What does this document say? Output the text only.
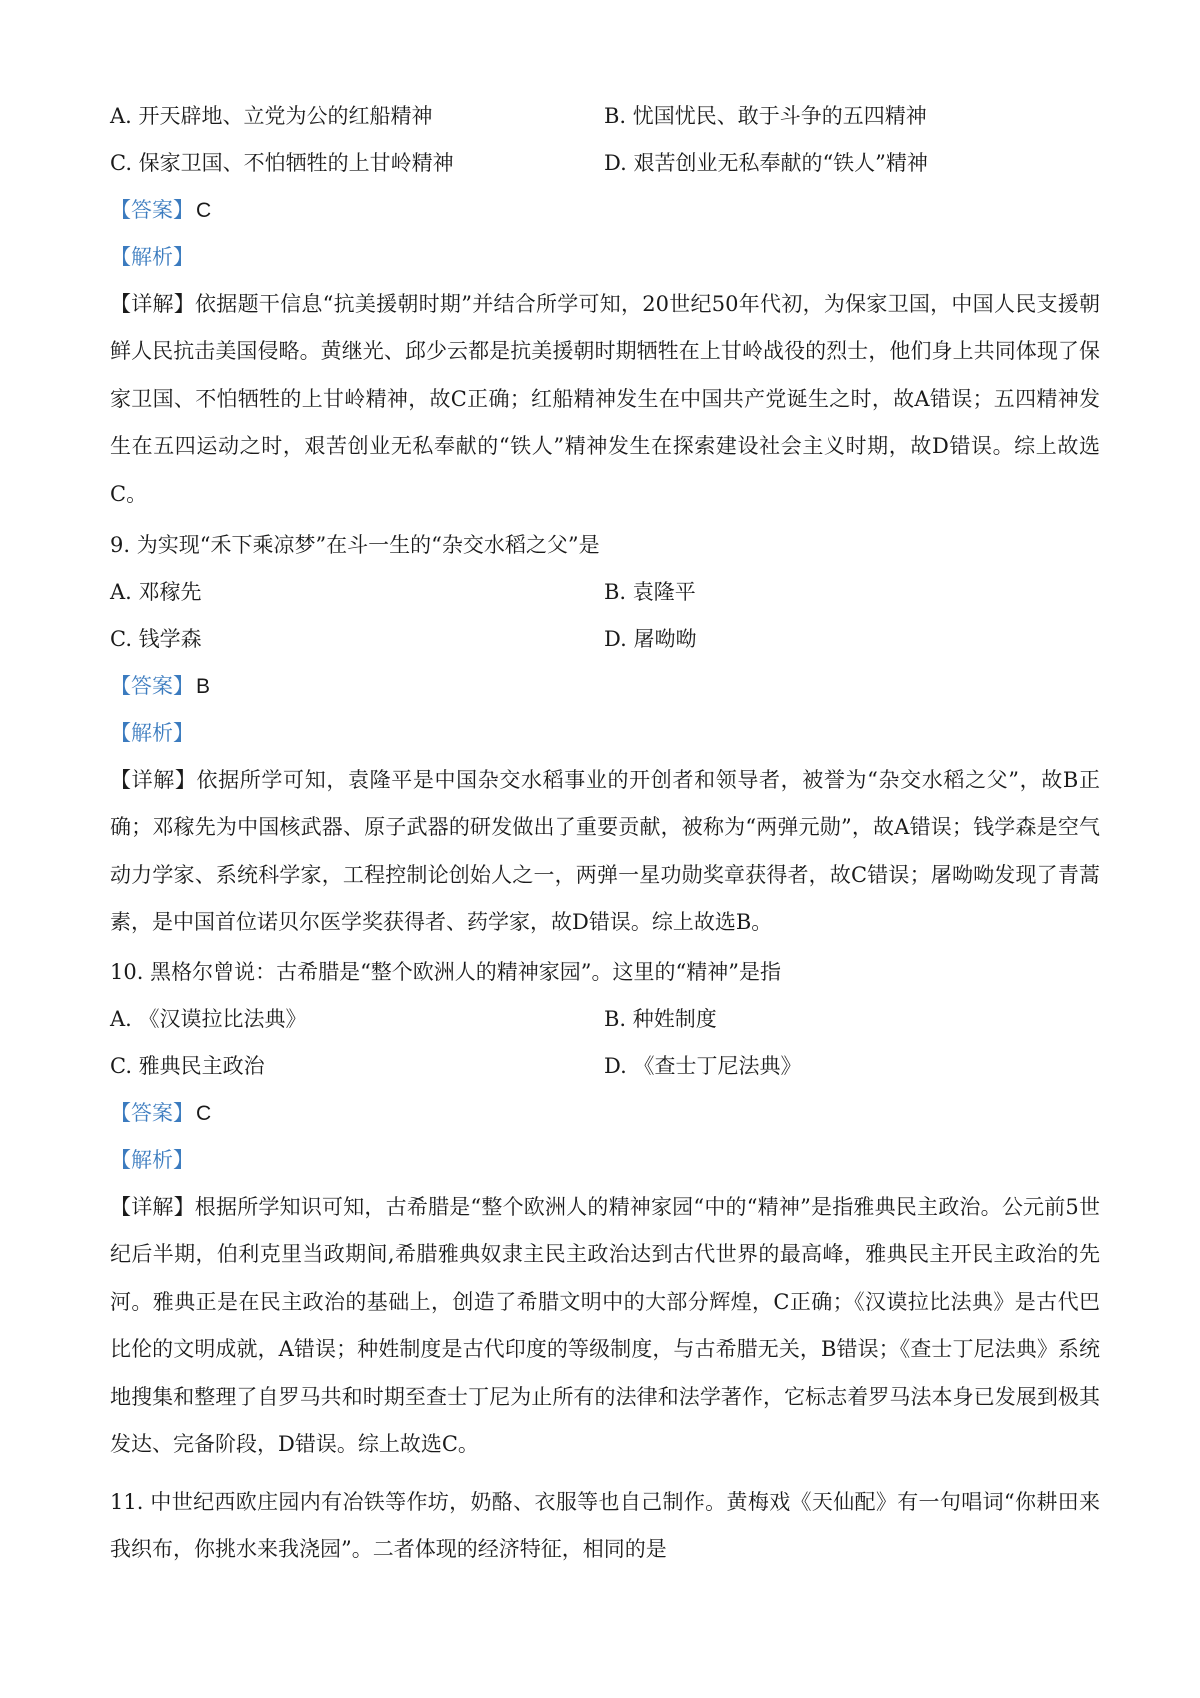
A. 开天辟地、立党为公的红船精神	B. 忧国忧民、敢于斗争的五四精神
C. 保家卫国、不怕牺牲的上甘岭精神	D. 艰苦创业无私奉献的“铁人”精神
【答案】C
【解析】
【详解】依据题干信息“抗美援朝时期”并结合所学可知，20世纪50年代初，为保家卫国，中国人民支援朝鲜人民抗击美国侵略。黄继光、邱少云都是抗美援朝时期牺牲在上甘岭战役的烈士，他们身上共同体现了保家卫国、不怕牺牲的上甘岭精神，故C正确；红船精神发生在中国共产党诞生之时，故A错误；五四精神发生在五四运动之时，艰苦创业无私奉献的“铁人”精神发生在探索建设社会主义时期，故D错误。综上故选C。
9. 为实现“禾下乘凉梦”在斗一生的“杂交水稻之父”是
A. 邓稼先	B. 袁隆平
C. 钱学森	D. 屠呦呦
【答案】B
【解析】
【详解】依据所学可知，袁隆平是中国杂交水稻事业的开创者和领导者，被誉为“杂交水稻之父”，故B正确；邓稼先为中国核武器、原子武器的研发做出了重要贡献，被称为“两弹元勋”，故A错误；钱学森是空气动力学家、系统科学家，工程控制论创始人之一，两弹一星功勋奖章获得者，故C错误；屠呦呦发现了青蒿素，是中国首位诺贝尔医学奖获得者、药学家，故D错误。综上故选B。
10. 黑格尔曾说：古希腊是“整个欧洲人的精神家园”。这里的“精神”是指
A. 《汉谟拉比法典》	B. 种姓制度
C. 雅典民主政治	D. 《查士丁尼法典》
【答案】C
【解析】
【详解】根据所学知识可知，古希腊是“整个欧洲人的精神家园“中的“精神”是指雅典民主政治。公元前5世纪后半期，伯利克里当政期间,希腊雅典奴隶主民主政治达到古代世界的最高峰，雅典民主开民主政治的先河。雅典正是在民主政治的基础上，创造了希腊文明中的大部分辉煌，C正确；《汉谟拉比法典》是古代巴比伦的文明成就，A错误；种姓制度是古代印度的等级制度，与古希腊无关，B错误；《查士丁尼法典》系统地搜集和整理了自罗马共和时期至查士丁尼为止所有的法律和法学著作，它标志着罗马法本身已发展到极其发达、完备阶段，D错误。综上故选C。
11. 中世纪西欧庄园内有冶铁等作坊，奶酪、衣服等也自己制作。黄梅戏《天仙配》有一句唱词“你耕田来我织布，你挑水来我浇园”。二者体现的经济特征，相同的是
